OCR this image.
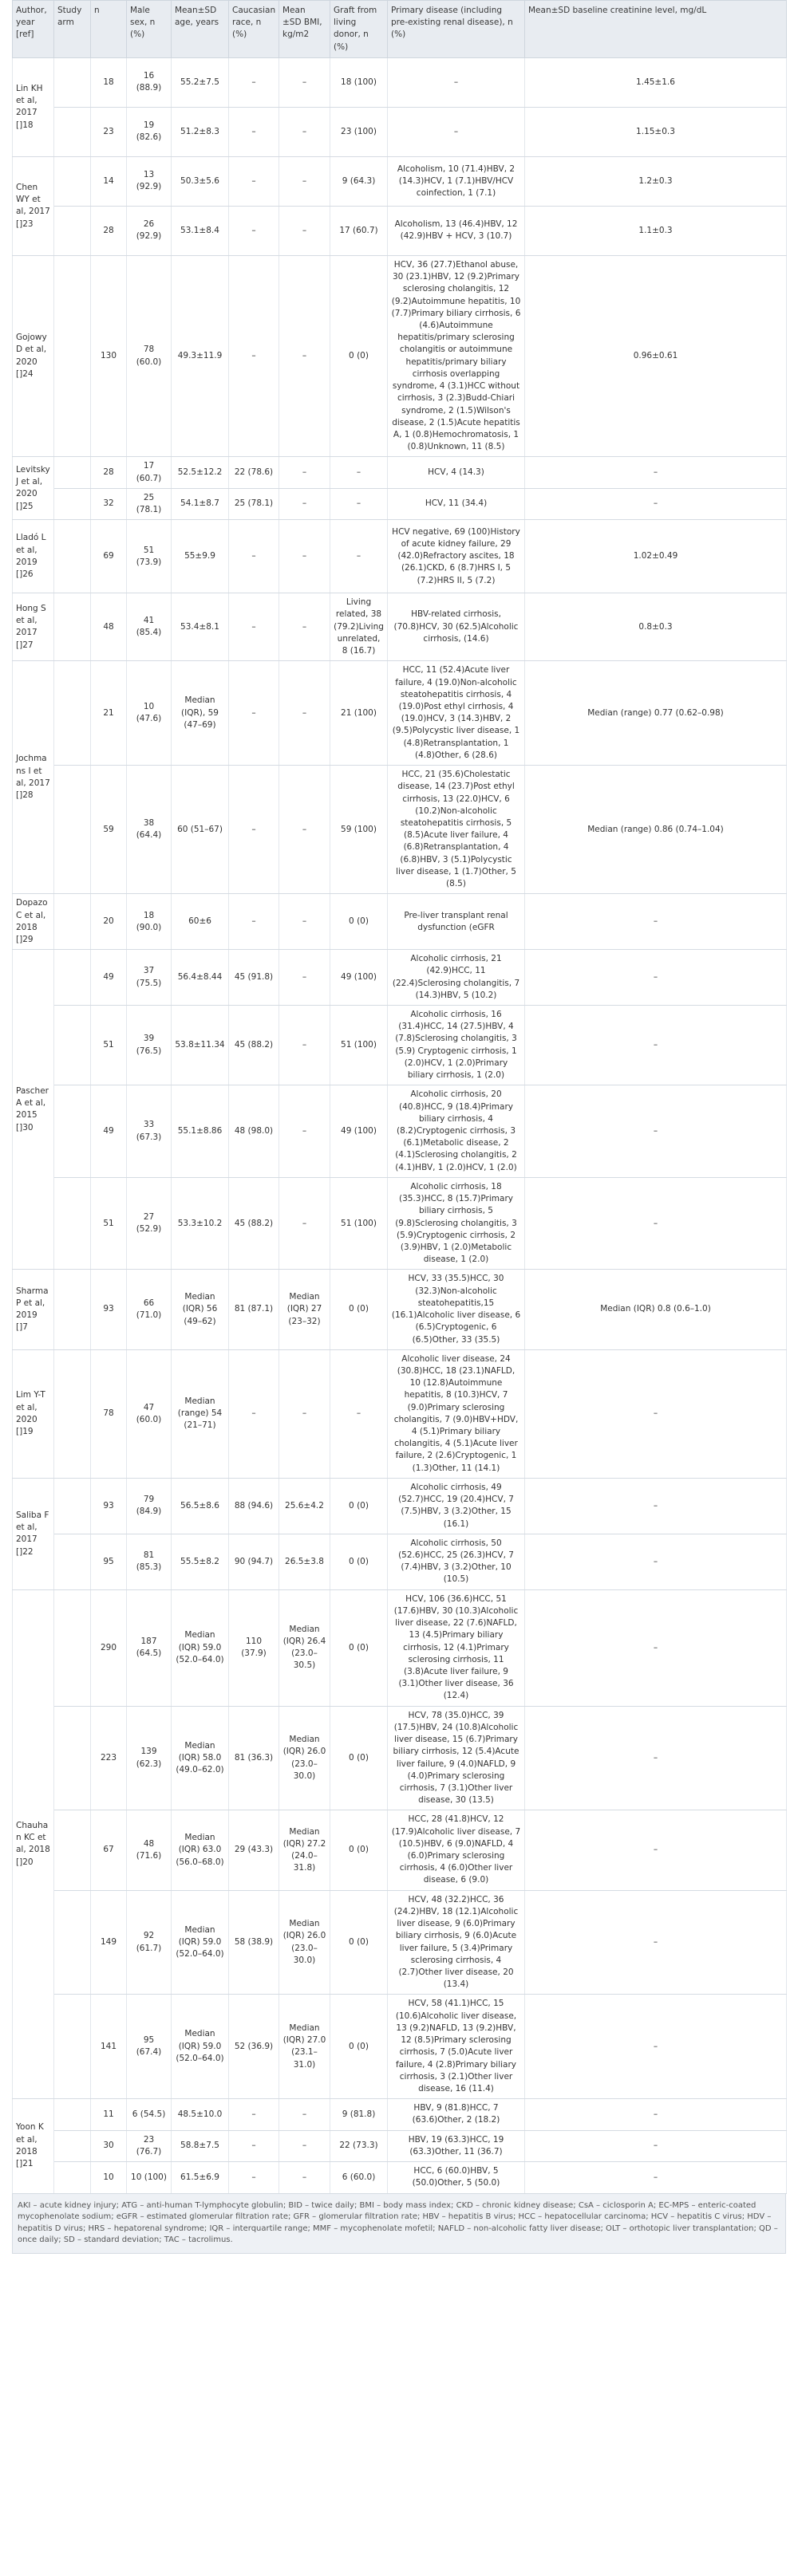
Author, year [ref]	Study arm	n	Male sex, n (%)	Mean±SD age, years	Caucasian race, n (%)	Mean ±SD BMI, kg/m2	Graft from living donor, n (%)	Primary disease (including pre-existing renal disease), n (%)	Mean±SD baseline creatinine level, mg/dL
Lin KH et al, 2017 []18		18	16 (88.9)	55.2±7.5	–	–	18 (100)	–	1.45±1.6
		23	19 (82.6)	51.2±8.3	–	–	23 (100)	–	1.15±0.3
Chen WY et al, 2017 []23		14	13 (92.9)	50.3±5.6	–	–	9 (64.3)	Alcoholism, 10 (71.4)HBV, 2 (14.3)HCV, 1 (7.1)HBV/HCV coinfection, 1 (7.1)	1.2±0.3
		28	26 (92.9)	53.1±8.4	–	–	17 (60.7)	Alcoholism, 13 (46.4)HBV, 12 (42.9)HBV + HCV, 3 (10.7)	1.1±0.3
Gojowy D et al, 2020 []24		130	78 (60.0)	49.3±11.9	–	–	0 (0)	HCV, 36 (27.7)Ethanol abuse, 30 (23.1)HBV, 12 (9.2)Primary sclerosing cholangitis, 12 (9.2)Autoimmune hepatitis, 10 (7.7)Primary biliary cirrhosis, 6 (4.6)Autoimmune hepatitis/primary sclerosing cholangitis or autoimmune hepatitis/primary biliary cirrhosis overlapping syndrome, 4 (3.1)HCC without cirrhosis, 3 (2.3)Budd-Chiari syndrome, 2 (1.5)Wilson's disease, 2 (1.5)Acute hepatitis A, 1 (0.8)Hemochromatosis, 1 (0.8)Unknown, 11 (8.5)	0.96±0.61
Levitsky J et al, 2020 []25		28	17 (60.7)	52.5±12.2	22 (78.6)	–	–	HCV, 4 (14.3)	–
		32	25 (78.1)	54.1±8.7	25 (78.1)	–	–	HCV, 11 (34.4)	–
Lladó L et al, 2019 []26		69	51 (73.9)	55±9.9	–	–	–	HCV negative, 69 (100)History of acute kidney failure, 29 (42.0)Refractory ascites, 18 (26.1)CKD, 6 (8.7)HRS I, 5 (7.2)HRS II, 5 (7.2)	1.02±0.49
Hong S et al, 2017 []27		48	41 (85.4)	53.4±8.1	–	–	Living related, 38 (79.2)Living unrelated, 8 (16.7)	HBV-related cirrhosis, (70.8)HCV, 30 (62.5)Alcoholic cirrhosis, (14.6)	0.8±0.3
Jochmans I et al, 2017 []28		21	10 (47.6)	Median (IQR), 59 (47–69)	–	–	21 (100)	HCC, 11 (52.4)Acute liver failure, 4 (19.0)Non-alcoholic steatohepatitis cirrhosis, 4 (19.0)Post ethyl cirrhosis, 4 (19.0)HCV, 3 (14.3)HBV, 2 (9.5)Polycystic liver disease, 1 (4.8)Retransplantation, 1 (4.8)Other, 6 (28.6)	Median (range) 0.77 (0.62–0.98)
		59	38 (64.4)	60 (51–67)	–	–	59 (100)	HCC, 21 (35.6)Cholestatic disease, 14 (23.7)Post ethyl cirrhosis, 13 (22.0)HCV, 6 (10.2)Non-alcoholic steatohepatitis cirrhosis, 5 (8.5)Acute liver failure, 4 (6.8)Retransplantation, 4 (6.8)HBV, 3 (5.1)Polycystic liver disease, 1 (1.7)Other, 5 (8.5)	Median (range) 0.86 (0.74–1.04)
Dopazo C et al, 2018 []29		20	18 (90.0)	60±6	–	–	0 (0)	Pre-liver transplant renal dysfunction (eGFR	–
Pascher A et al, 2015 []30		49	37 (75.5)	56.4±8.44	45 (91.8)	–	49 (100)	Alcoholic cirrhosis, 21 (42.9)HCC, 11 (22.4)Sclerosing cholangitis, 7 (14.3)HBV, 5 (10.2)	–
		51	39 (76.5)	53.8±11.34	45 (88.2)	–	51 (100)	Alcoholic cirrhosis, 16 (31.4)HCC, 14 (27.5)HBV, 4 (7.8)Sclerosing cholangitis, 3 (5.9) Cryptogenic cirrhosis, 1 (2.0)HCV, 1 (2.0)Primary biliary cirrhosis, 1 (2.0)	–
		49	33 (67.3)	55.1±8.86	48 (98.0)	–	49 (100)	Alcoholic cirrhosis, 20 (40.8)HCC, 9 (18.4)Primary biliary cirrhosis, 4 (8.2)Cryptogenic cirrhosis, 3 (6.1)Metabolic disease, 2 (4.1)Sclerosing cholangitis, 2 (4.1)HBV, 1 (2.0)HCV, 1 (2.0)	–
		51	27 (52.9)	53.3±10.2	45 (88.2)	–	51 (100)	Alcoholic cirrhosis, 18 (35.3)HCC, 8 (15.7)Primary biliary cirrhosis, 5 (9.8)Sclerosing cholangitis, 3 (5.9)Cryptogenic cirrhosis, 2 (3.9)HBV, 1 (2.0)Metabolic disease, 1 (2.0)	–
Sharma P et al, 2019 []7		93	66 (71.0)	Median (IQR) 56 (49–62)	81 (87.1)	Median (IQR) 27 (23–32)	0 (0)	HCV, 33 (35.5)HCC, 30 (32.3)Non-alcoholic steatohepatitis,15 (16.1)Alcoholic liver disease, 6 (6.5)Cryptogenic, 6 (6.5)Other, 33 (35.5)	Median (IQR) 0.8 (0.6–1.0)
Lim Y-T et al, 2020 []19		78	47 (60.0)	Median (range) 54 (21–71)	–	–	–	Alcoholic liver disease, 24 (30.8)HCC, 18 (23.1)NAFLD, 10 (12.8)Autoimmune hepatitis, 8 (10.3)HCV, 7 (9.0)Primary sclerosing cholangitis, 7 (9.0)HBV+HDV, 4 (5.1)Primary biliary cholangitis, 4 (5.1)Acute liver failure, 2 (2.6)Cryptogenic, 1 (1.3)Other, 11 (14.1)	–
Saliba F et al, 2017 []22		93	79 (84.9)	56.5±8.6	88 (94.6)	25.6±4.2	0 (0)	Alcoholic cirrhosis, 49 (52.7)HCC, 19 (20.4)HCV, 7 (7.5)HBV, 3 (3.2)Other, 15 (16.1)	–
		95	81 (85.3)	55.5±8.2	90 (94.7)	26.5±3.8	0 (0)	Alcoholic cirrhosis, 50 (52.6)HCC, 25 (26.3)HCV, 7 (7.4)HBV, 3 (3.2)Other, 10 (10.5)	–
Chauhan KC et al, 2018 []20		290	187 (64.5)	Median (IQR) 59.0 (52.0–64.0)	110 (37.9)	Median (IQR) 26.4 (23.0–30.5)	0 (0)	HCV, 106 (36.6)HCC, 51 (17.6)HBV, 30 (10.3)Alcoholic liver disease, 22 (7.6)NAFLD, 13 (4.5)Primary biliary cirrhosis, 12 (4.1)Primary sclerosing cirrhosis, 11 (3.8)Acute liver failure, 9 (3.1)Other liver disease, 36 (12.4)	–
		223	139 (62.3)	Median (IQR) 58.0 (49.0–62.0)	81 (36.3)	Median (IQR) 26.0 (23.0–30.0)	0 (0)	HCV, 78 (35.0)HCC, 39 (17.5)HBV, 24 (10.8)Alcoholic liver disease, 15 (6.7)Primary biliary cirrhosis, 12 (5.4)Acute liver failure, 9 (4.0)NAFLD, 9 (4.0)Primary sclerosing cirrhosis, 7 (3.1)Other liver disease, 30 (13.5)	–
		67	48 (71.6)	Median (IQR) 63.0 (56.0–68.0)	29 (43.3)	Median (IQR) 27.2 (24.0–31.8)	0 (0)	HCC, 28 (41.8)HCV, 12 (17.9)Alcoholic liver disease, 7 (10.5)HBV, 6 (9.0)NAFLD, 4 (6.0)Primary sclerosing cirrhosis, 4 (6.0)Other liver disease, 6 (9.0)	–
		149	92 (61.7)	Median (IQR) 59.0 (52.0–64.0)	58 (38.9)	Median (IQR) 26.0 (23.0–30.0)	0 (0)	HCV, 48 (32.2)HCC, 36 (24.2)HBV, 18 (12.1)Alcoholic liver disease, 9 (6.0)Primary biliary cirrhosis, 9 (6.0)Acute liver failure, 5 (3.4)Primary sclerosing cirrhosis, 4 (2.7)Other liver disease, 20 (13.4)	–
		141	95 (67.4)	Median (IQR) 59.0 (52.0–64.0)	52 (36.9)	Median (IQR) 27.0 (23.1–31.0)	0 (0)	HCV, 58 (41.1)HCC, 15 (10.6)Alcoholic liver disease, 13 (9.2)NAFLD, 13 (9.2)HBV, 12 (8.5)Primary sclerosing cirrhosis, 7 (5.0)Acute liver failure, 4 (2.8)Primary biliary cirrhosis, 3 (2.1)Other liver disease, 16 (11.4)	–
Yoon K et al, 2018 []21		11	6 (54.5)	48.5±10.0	–	–	9 (81.8)	HBV, 9 (81.8)HCC, 7 (63.6)Other, 2 (18.2)	–
		30	23 (76.7)	58.8±7.5	–	–	22 (73.3)	HBV, 19 (63.3)HCC, 19 (63.3)Other, 11 (36.7)	–
		10	10 (100)	61.5±6.9	–	–	6 (60.0)	HCC, 6 (60.0)HBV, 5 (50.0)Other, 5 (50.0)	–
AKI – acute kidney injury; ATG – anti-human T-lymphocyte globulin; BID – twice daily; BMI – body mass index; CKD – chronic kidney disease; CsA – ciclosporin A; EC-MPS – enteric-coated mycophenolate sodium; eGFR – estimated glomerular filtration rate; GFR – glomerular filtration rate; HBV – hepatitis B virus; HCC – hepatocellular carcinoma; HCV – hepatitis C virus; HDV – hepatitis D virus; HRS – hepatorenal syndrome; IQR – interquartile range; MMF – mycophenolate mofetil; NAFLD – non-alcoholic fatty liver disease; OLT – orthotopic liver transplantation; QD – once daily; SD – standard deviation; TAC – tacrolimus.
